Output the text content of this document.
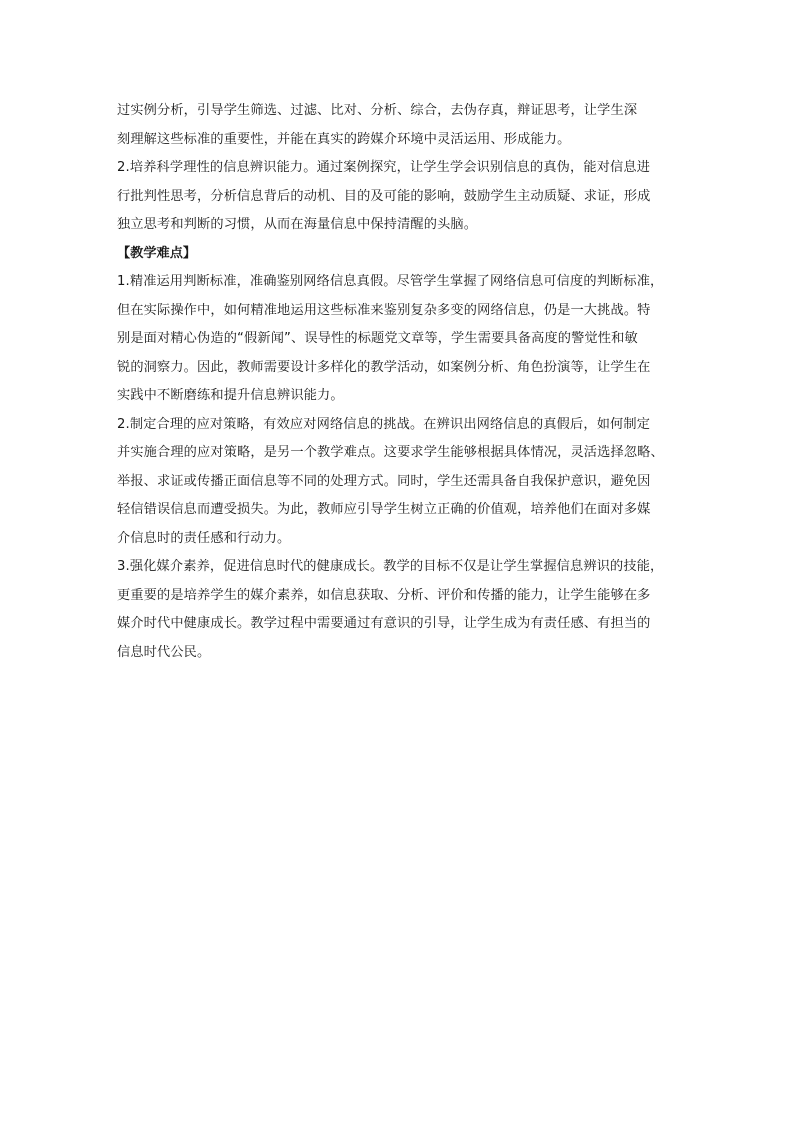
过实例分析，引导学生筛选、过滤、比对、分析、综合，去伪存真，辩证思考，让学生深
刻理解这些标准的重要性，并能在真实的跨媒介环境中灵活运用、形成能力。
2.培养科学理性的信息辨识能力。通过案例探究，让学生学会识别信息的真伪，能对信息进
行批判性思考，分析信息背后的动机、目的及可能的影响，鼓励学生主动质疑、求证，形成
独立思考和判断的习惯，从而在海量信息中保持清醒的头脑。
【教学难点】
1.精准运用判断标准，准确鉴别网络信息真假。尽管学生掌握了网络信息可信度的判断标准，
但在实际操作中，如何精准地运用这些标准来鉴别复杂多变的网络信息，仍是一大挑战。特
别是面对精心伪造的“假新闻”、误导性的标题党文章等，学生需要具备高度的警觉性和敏
锐的洞察力。因此，教师需要设计多样化的教学活动，如案例分析、角色扮演等，让学生在
实践中不断磨练和提升信息辨识能力。
2.制定合理的应对策略，有效应对网络信息的挑战。在辨识出网络信息的真假后，如何制定
并实施合理的应对策略，是另一个教学难点。这要求学生能够根据具体情况，灵活选择忽略、
举报、求证或传播正面信息等不同的处理方式。同时，学生还需具备自我保护意识，避免因
轻信错误信息而遭受损失。为此，教师应引导学生树立正确的价值观，培养他们在面对多媒
介信息时的责任感和行动力。
3.强化媒介素养，促进信息时代的健康成长。教学的目标不仅是让学生掌握信息辨识的技能，
更重要的是培养学生的媒介素养，如信息获取、分析、评价和传播的能力，让学生能够在多
媒介时代中健康成长。教学过程中需要通过有意识的引导，让学生成为有责任感、有担当的
信息时代公民。
